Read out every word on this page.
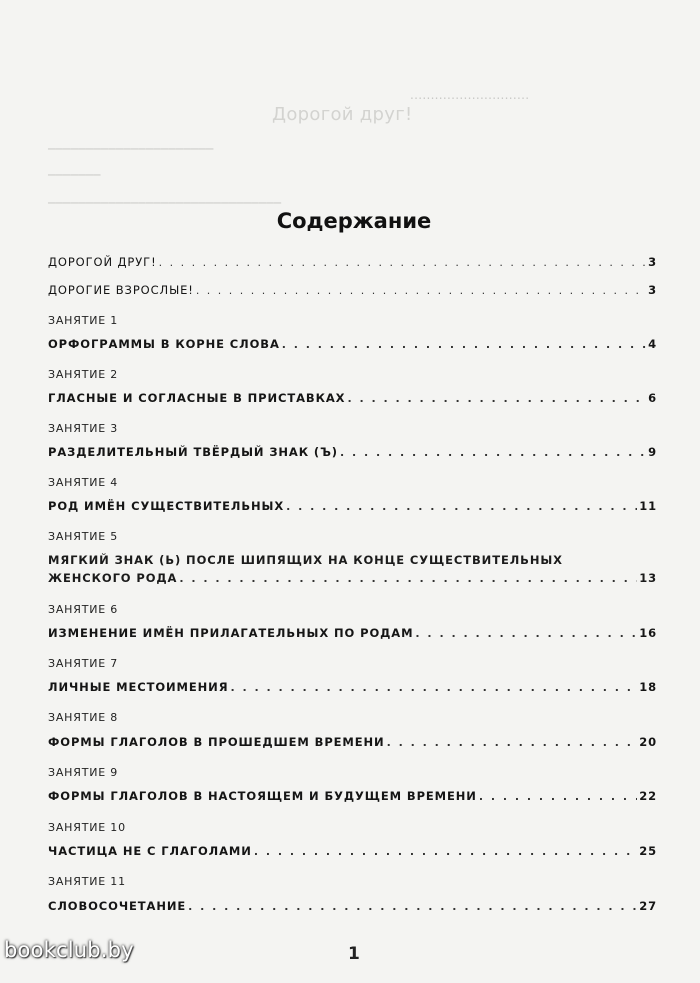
Дорогой друг!
.............................
──────────────────────
───────
───────────────────────────────
Содержание
ДОРОГОЙ ДРУГ! . . .	3
ДОРОГИЕ ВЗРОСЛЫЕ! . . .	3
ЗАНЯТИЕ 1
ОРФОГРАММЫ В КОРНЕ СЛОВА . . .	4
ЗАНЯТИЕ 2
ГЛАСНЫЕ И СОГЛАСНЫЕ В ПРИСТАВКАХ . . .	6
ЗАНЯТИЕ 3
РАЗДЕЛИТЕЛЬНЫЙ ТВЁРДЫЙ ЗНАК (Ъ) . . .	9
ЗАНЯТИЕ 4
РОД ИМЁН СУЩЕСТВИТЕЛЬНЫХ . . .	11
ЗАНЯТИЕ 5
МЯГКИЙ ЗНАК (Ь) ПОСЛЕ ШИПЯЩИХ НА КОНЦЕ СУЩЕСТВИТЕЛЬНЫХ
ЖЕНСКОГО РОДА . . .	13
ЗАНЯТИЕ 6
ИЗМЕНЕНИЕ ИМЁН ПРИЛАГАТЕЛЬНЫХ ПО РОДАМ . . .	16
ЗАНЯТИЕ 7
ЛИЧНЫЕ МЕСТОИМЕНИЯ . . .	18
ЗАНЯТИЕ 8
ФОРМЫ ГЛАГОЛОВ В ПРОШЕДШЕМ ВРЕМЕНИ . . .	20
ЗАНЯТИЕ 9
ФОРМЫ ГЛАГОЛОВ В НАСТОЯЩЕМ И БУДУЩЕМ ВРЕМЕНИ . . .	22
ЗАНЯТИЕ 10
ЧАСТИЦА НЕ С ГЛАГОЛАМИ . . .	25
ЗАНЯТИЕ 11
СЛОВОСОЧЕТАНИЕ . . .	27
1
bookclub.by
